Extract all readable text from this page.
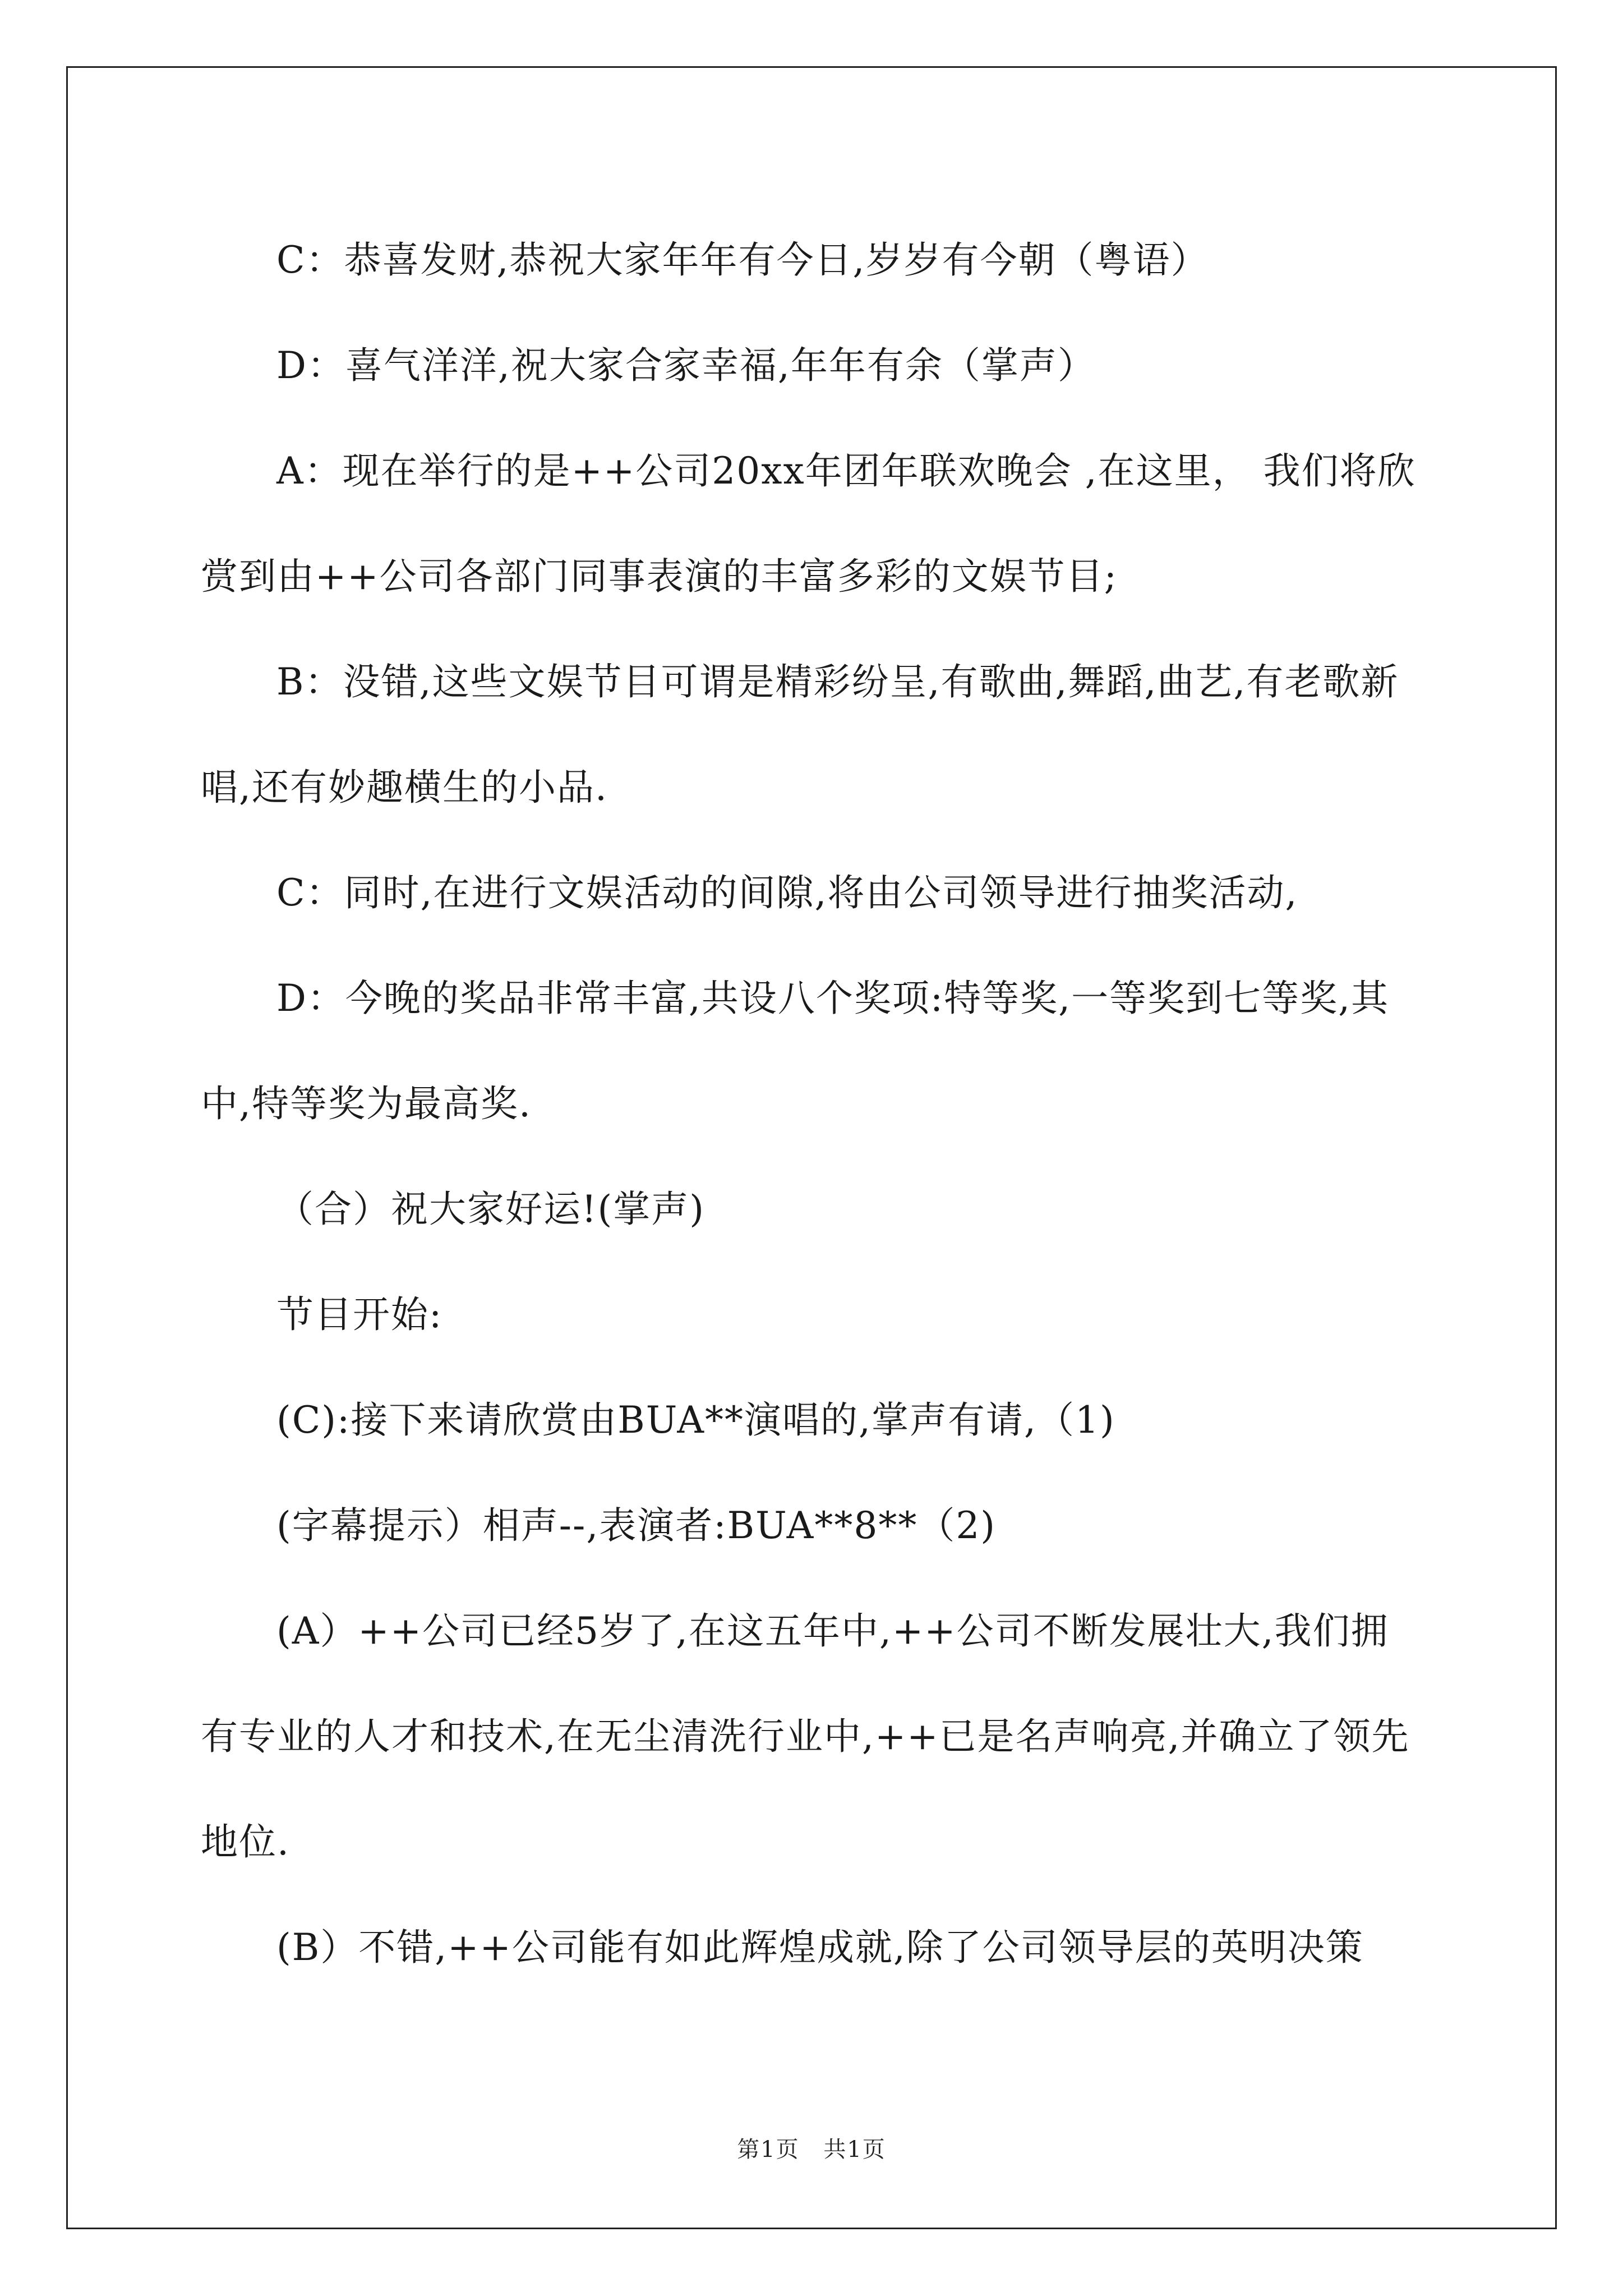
C：恭喜发财,恭祝大家年年有今日,岁岁有今朝（粤语）

D：喜气洋洋,祝大家合家幸福,年年有余（掌声）

A：现在举行的是++公司20xx年团年联欢晚会 ,在这里， 我们将欣赏到由++公司各部门同事表演的丰富多彩的文娱节目;

B：没错,这些文娱节目可谓是精彩纷呈,有歌曲,舞蹈,曲艺,有老歌新唱,还有妙趣横生的小品.

C：同时,在进行文娱活动的间隙,将由公司领导进行抽奖活动,

D：今晚的奖品非常丰富,共设八个奖项:特等奖,一等奖到七等奖,其中,特等奖为最高奖.

（合）祝大家好运!(掌声)

节目开始:

(C):接下来请欣赏由BUA**演唱的,掌声有请,（1)

(字幕提示）相声--,表演者:BUA**8**（2)

(A）++公司已经5岁了,在这五年中,++公司不断发展壮大,我们拥有专业的人才和技术,在无尘清洗行业中,++已是名声响亮,并确立了领先地位.

(B）不错,++公司能有如此辉煌成就,除了公司领导层的英明决策

第1页 共1页
